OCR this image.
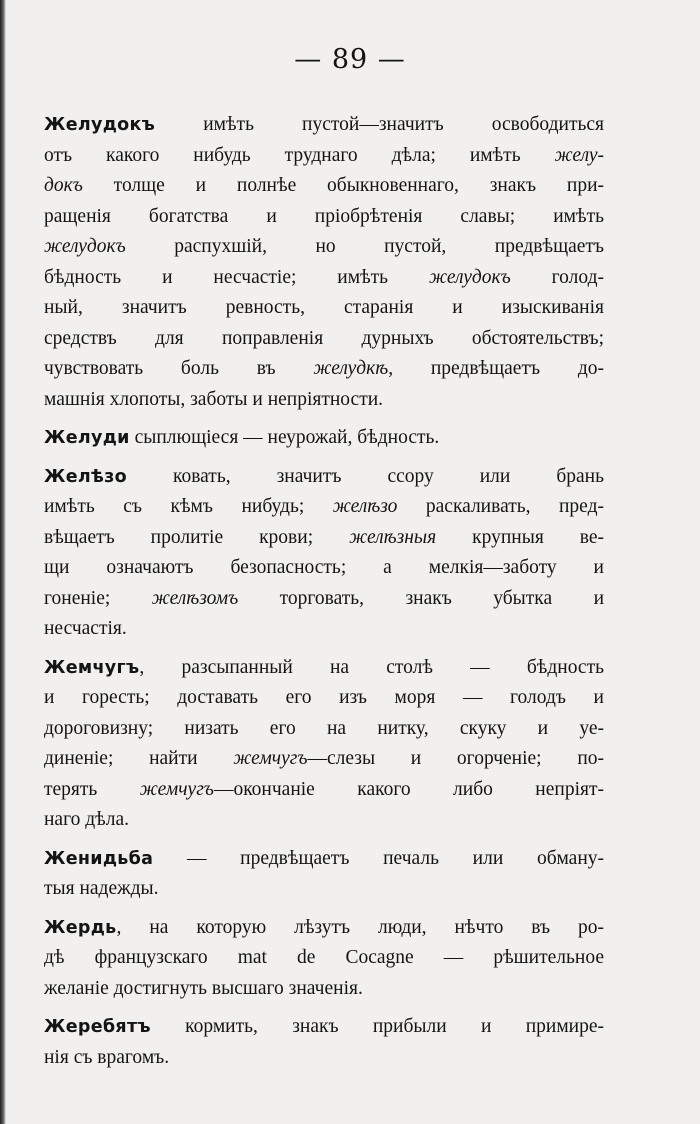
— 89 —
Желудокъ имѣть пустой—значитъ освободиться
отъ какого нибудь труднаго дѣла; имѣть желу-
докъ толще и полнѣе обыкновеннаго, знакъ при-
ращенія богатства и пріобрѣтенія славы; имѣть
желудокъ распухшій, но пустой, предвѣщаетъ
бѣдность и несчастіе; имѣть желудокъ голод-
ный, значитъ ревность, старанія и изыскиванія
средствъ для поправленія дурныхъ обстоятельствъ;
чувствовать боль въ желудкѣ, предвѣщаетъ до-
машнія хлопоты, заботы и непріятности.
Желуди сыплющіеся — неурожай, бѣдность.
Желѣзо ковать, значитъ ссору или брань
имѣть съ кѣмъ нибудь; желѣзо раскаливать, пред-
вѣщаетъ пролитіе крови; желѣзныя крупныя ве-
щи означаютъ безопасность; а мелкія—заботу и
гоненіе; желѣзомъ торговать, знакъ убытка и
несчастія.
Жемчугъ, разсыпанный на столѣ — бѣдность
и горесть; доставать его изъ моря — голодъ и
дороговизну; низать его на нитку, скуку и уе-
диненіе; найти жемчугъ—слезы и огорченіе; по-
терять жемчугъ—окончаніе какого либо непріят-
наго дѣла.
Женидьба — предвѣщаетъ печаль или обману-
тыя надежды.
Жердь, на которую лѣзутъ люди, нѣчто въ ро-
дѣ французскаго mat de Cocagne — рѣшительное
желаніе достигнуть высшаго значенія.
Жеребятъ кормить, знакъ прибыли и примире-
нія съ врагомъ.
